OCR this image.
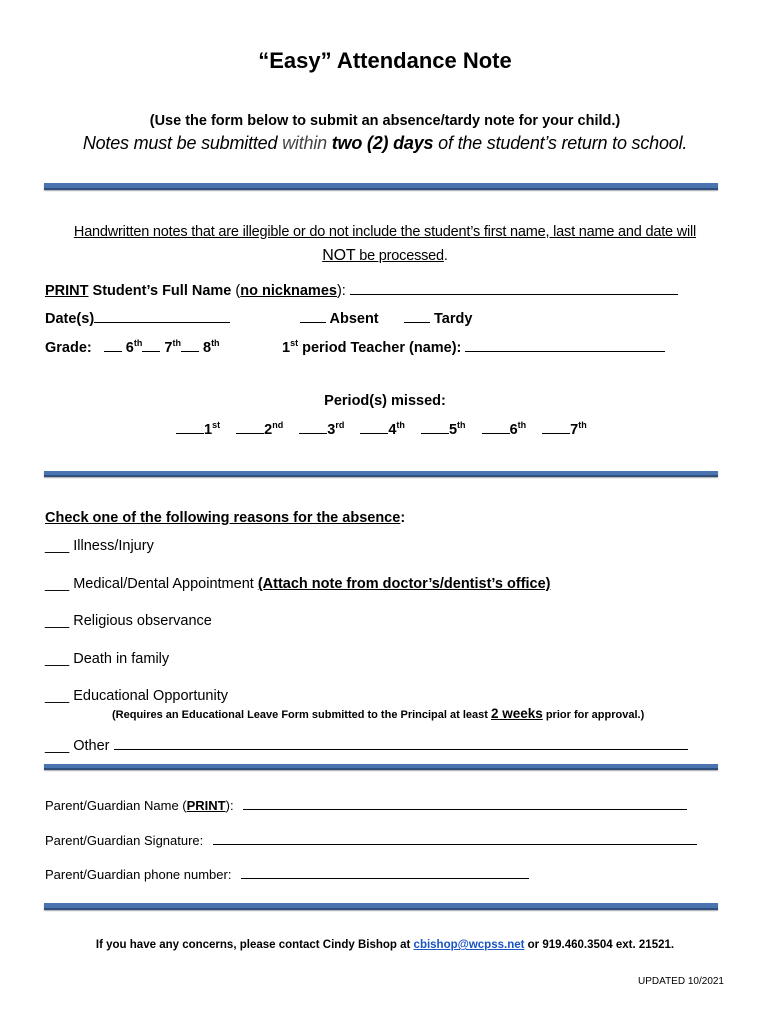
“Easy” Attendance Note
(Use the form below to submit an absence/tardy note for your child.)
Notes must be submitted within two (2) days of the student’s return to school.
Handwritten notes that are illegible or do not include the student’s first name, last name and date will
NOT be processed.
PRINT Student’s Full Name (no nicknames):
Date(s)	Absent	Tardy
Grade:  6th 7th 8th	1st period Teacher (name):
Period(s) missed:
1st	2nd	3rd	4th	5th	6th	7th
Check one of the following reasons for the absence:
___ Illness/Injury
___ Medical/Dental Appointment (Attach note from doctor’s/dentist’s office)
___ Religious observance
___ Death in family
___ Educational Opportunity
(Requires an Educational Leave Form submitted to the Principal at least 2 weeks prior for approval.)
___ Other
Parent/Guardian Name (PRINT):
Parent/Guardian Signature:
Parent/Guardian phone number:
If you have any concerns, please contact Cindy Bishop at cbishop@wcpss.net or 919.460.3504 ext. 21521.
UPDATED 10/2021
